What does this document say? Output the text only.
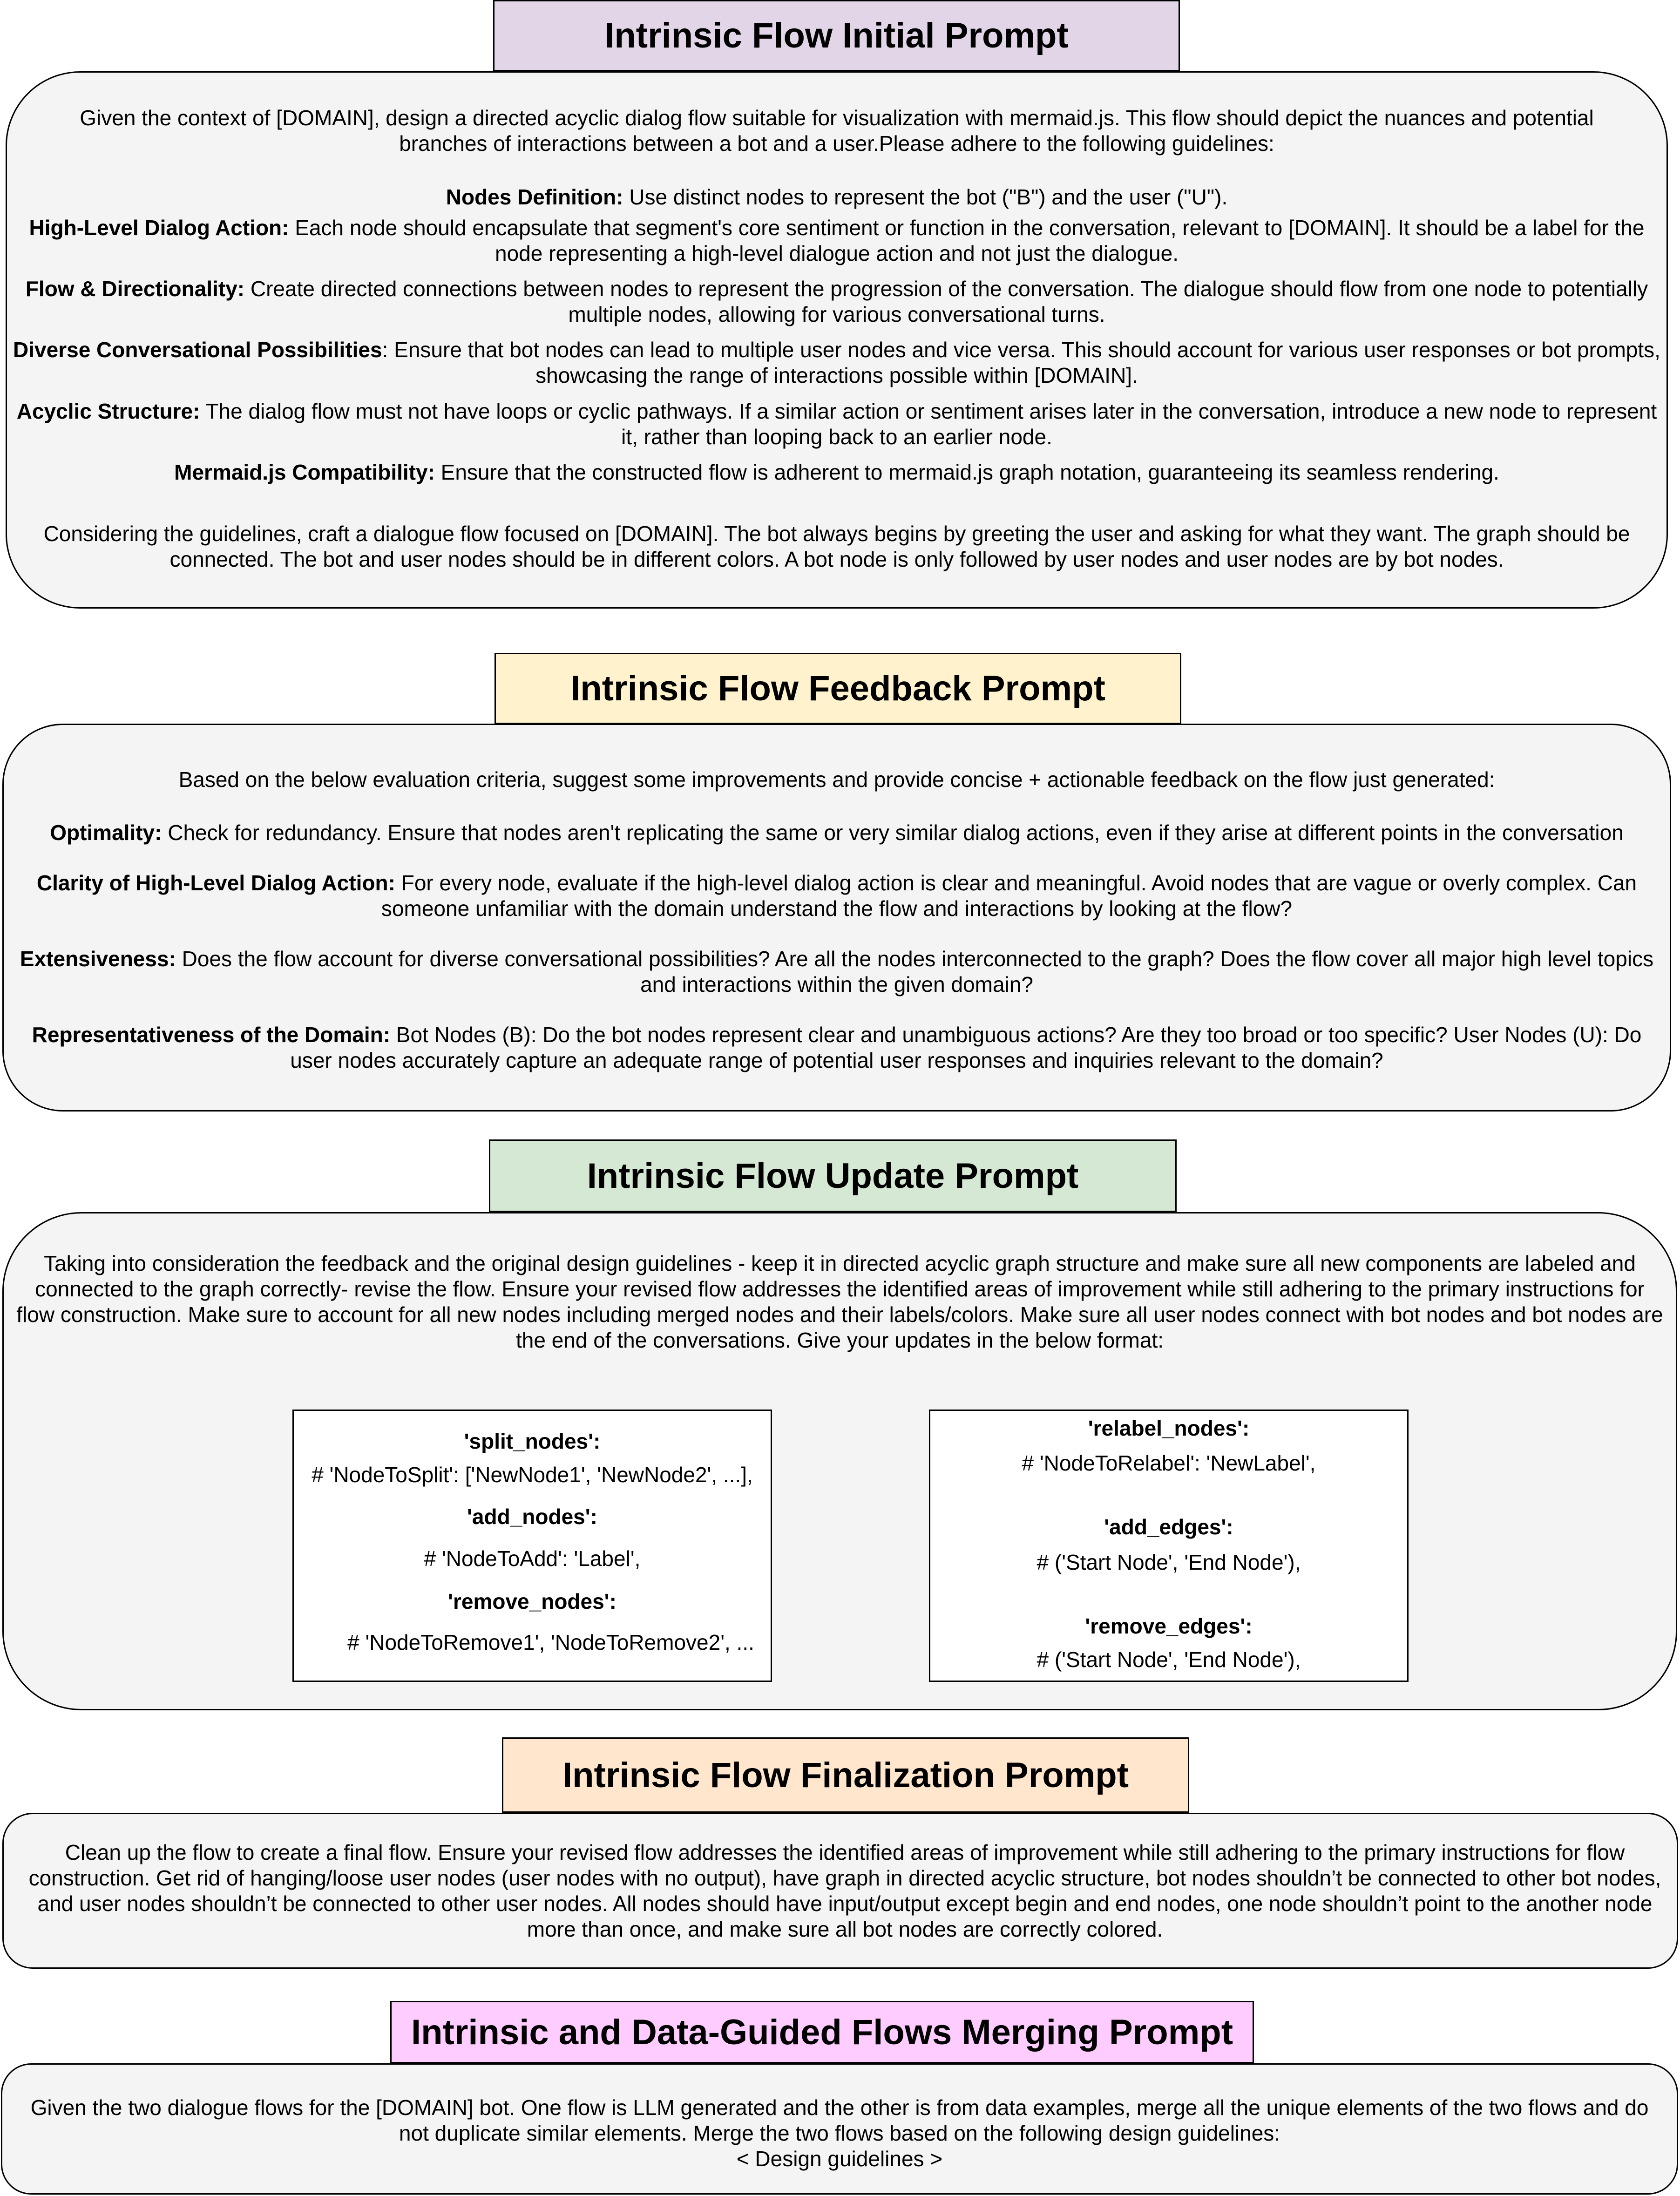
Given the context of [DOMAIN], design a directed acyclic dialog flow suitable for visualization with mermaid.js. This flow should depict the nuances and potential branches of interactions between a bot and a user.Please adhere to the following guidelines:

Nodes Definition: Use distinct nodes to represent the bot ("B") and the user ("U").

High-Level Dialog Action: Each node should encapsulate that segment's core sentiment or function in the conversation, relevant to [DOMAIN]. It should be a label for the node representing a high-level dialogue action and not just the dialogue.

Flow & Directionality: Create directed connections between nodes to represent the progression of the conversation. The dialogue should flow from one node to potentially multiple nodes, allowing for various conversational turns.

Diverse Conversational Possibilities: Ensure that bot nodes can lead to multiple user nodes and vice versa. This should account for various user responses or bot prompts, showcasing the range of interactions possible within [DOMAIN].

Acyclic Structure: The dialog flow must not have loops or cyclic pathways. If a similar action or sentiment arises later in the conversation, introduce a new node to represent it, rather than looping back to an earlier node.

Mermaid.js Compatibility: Ensure that the constructed flow is adherent to mermaid.js graph notation, guaranteeing its seamless rendering.

Considering the guidelines, craft a dialogue flow focused on [DOMAIN]. The bot always begins by greeting the user and asking for what they want. The graph should be connected. The bot and user nodes should be in different colors. A bot node is only followed by user nodes and user nodes are by bot nodes.

Intrinsic Flow Initial Prompt

Based on the below evaluation criteria, suggest some improvements and provide concise + actionable feedback on the flow just generated:

Optimality: Check for redundancy. Ensure that nodes aren't replicating the same or very similar dialog actions, even if they arise at different points in the conversation

Clarity of High-Level Dialog Action: For every node, evaluate if the high-level dialog action is clear and meaningful. Avoid nodes that are vague or overly complex. Can someone unfamiliar with the domain understand the flow and interactions by looking at the flow?

Extensiveness: Does the flow account for diverse conversational possibilities? Are all the nodes interconnected to the graph? Does the flow cover all major high level topics and interactions within the given domain?

Representativeness of the Domain: Bot Nodes (B): Do the bot nodes represent clear and unambiguous actions? Are they too broad or too specific? User Nodes (U): Do user nodes accurately capture an adequate range of potential user responses and inquiries relevant to the domain?

Intrinsic Flow Feedback Prompt

Taking into consideration the feedback and the original design guidelines - keep it in directed acyclic graph structure and make sure all new components are labeled and connected to the graph correctly- revise the flow. Ensure your revised flow addresses the identified areas of improvement while still adhering to the primary instructions for flow construction. Make sure to account for all new nodes including merged nodes and their labels/colors. Make sure all user nodes connect with bot nodes and bot nodes are the end of the conversations. Give your updates in the below format:

'split_nodes':
# 'NodeToSplit': ['NewNode1', 'NewNode2', ...],
'add_nodes':
# 'NodeToAdd': 'Label',
'remove_nodes':
# 'NodeToRemove1', 'NodeToRemove2', ...
'relabel_nodes':
# 'NodeToRelabel': 'NewLabel',
'add_edges':
# ('Start Node', 'End Node'),
'remove_edges':
# ('Start Node', 'End Node'),
Intrinsic Flow Update Prompt

Clean up the flow to create a final flow. Ensure your revised flow addresses the identified areas of improvement while still adhering to the primary instructions for flow construction. Get rid of hanging/loose user nodes (user nodes with no output), have graph in directed acyclic structure, bot nodes shouldn’t be connected to other bot nodes, and user nodes shouldn’t be connected to other user nodes. All nodes should have input/output except begin and end nodes, one node shouldn’t point to the another node more than once, and make sure all bot nodes are correctly colored.

Intrinsic Flow Finalization Prompt

Given the two dialogue flows for the [DOMAIN] bot. One flow is LLM generated and the other is from data examples, merge all the unique elements of the two flows and do not duplicate similar elements. Merge the two flows based on the following design guidelines:

< Design guidelines >

Intrinsic and Data-Guided Flows Merging Prompt
